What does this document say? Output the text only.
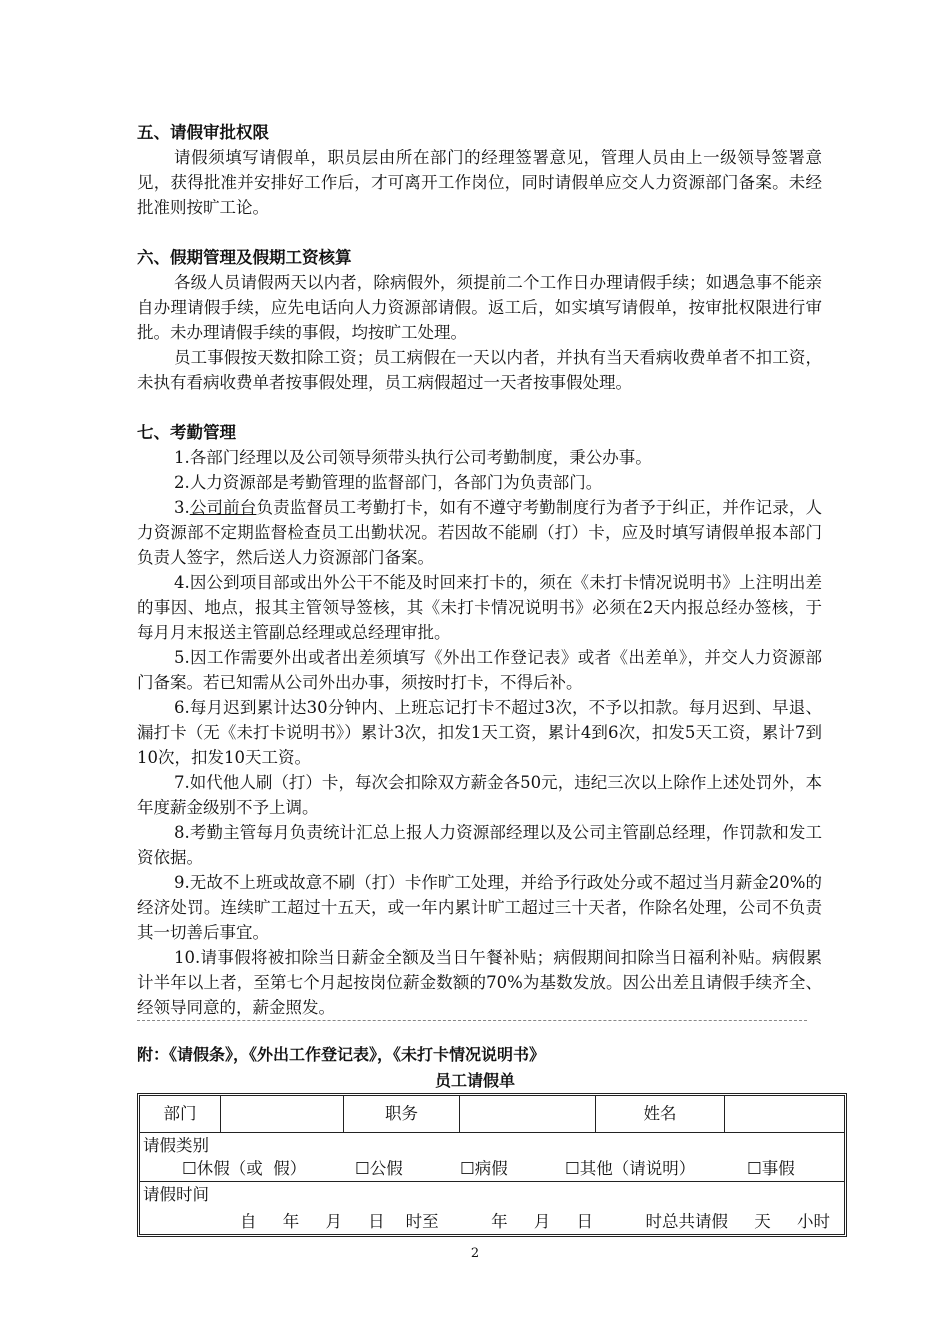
五、请假审批权限

请假须填写请假单，职员层由所在部门的经理签署意见，管理人员由上一级领导签署意见，获得批准并安排好工作后，才可离开工作岗位，同时请假单应交人力资源部门备案。未经批准则按旷工论。

六、假期管理及假期工资核算

各级人员请假两天以内者，除病假外，须提前二个工作日办理请假手续；如遇急事不能亲自办理请假手续，应先电话向人力资源部请假。返工后，如实填写请假单，按审批权限进行审批。未办理请假手续的事假，均按旷工处理。

员工事假按天数扣除工资；员工病假在一天以内者，并执有当天看病收费单者不扣工资，未执有看病收费单者按事假处理，员工病假超过一天者按事假处理。

七、考勤管理

1.各部门经理以及公司领导须带头执行公司考勤制度，秉公办事。

2.人力资源部是考勤管理的监督部门，各部门为负责部门。

3.公司前台负责监督员工考勤打卡，如有不遵守考勤制度行为者予于纠正，并作记录，人力资源部不定期监督检查员工出勤状况。若因故不能刷（打）卡，应及时填写请假单报本部门负责人签字，然后送人力资源部门备案。

4.因公到项目部或出外公干不能及时回来打卡的，须在《未打卡情况说明书》上注明出差的事因、地点，报其主管领导签核，其《未打卡情况说明书》必须在2天内报总经办签核，于每月月末报送主管副总经理或总经理审批。

5.因工作需要外出或者出差须填写《外出工作登记表》或者《出差单》，并交人力资源部门备案。若已知需从公司外出办事，须按时打卡，不得后补。

6.每月迟到累计达30分钟内、上班忘记打卡不超过3次，不予以扣款。每月迟到、早退、漏打卡（无《未打卡说明书》）累计3次，扣发1天工资，累计4到6次，扣发5天工资，累计7到10次，扣发10天工资。

7.如代他人刷（打）卡，每次会扣除双方薪金各50元，违纪三次以上除作上述处罚外，本年度薪金级别不予上调。

8.考勤主管每月负责统计汇总上报人力资源部经理以及公司主管副总经理，作罚款和发工资依据。

9.无故不上班或故意不刷（打）卡作旷工处理，并给予行政处分或不超过当月薪金20%的经济处罚。连续旷工超过十五天，或一年内累计旷工超过三十天者，作除名处理，公司不负责其一切善后事宜。

10.请事假将被扣除当日薪金全额及当日午餐补贴；病假期间扣除当日福利补贴。病假累计半年以上者，至第七个月起按岗位薪金数额的70%为基数发放。因公出差且请假手续齐全、经领导同意的，薪金照发。

附：《请假条》，《外出工作登记表》，《未打卡情况说明书》

员工请假单
部门	职务	姓名
请假类别
☐休假（或  假）	☐公假	☐病假	☐其他（请说明）	☐事假
请假时间
自     年     月     日    时至          年     月     日          时总共请假     天     小时
2
